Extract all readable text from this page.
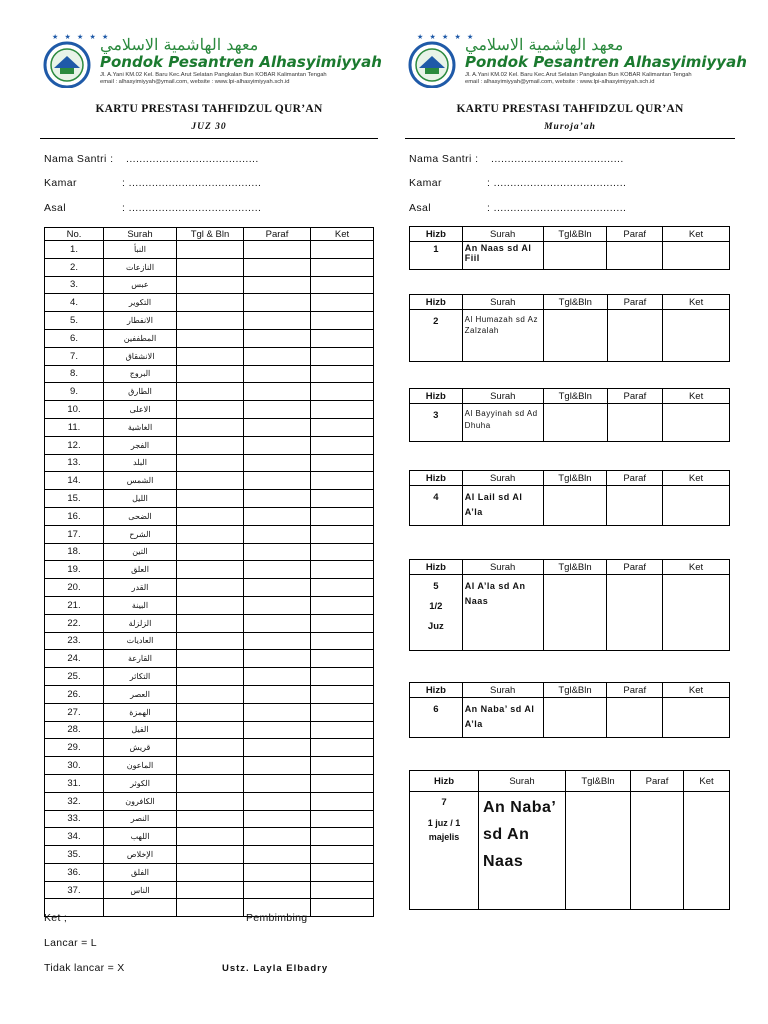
★ ★ ★ ★ ★
معهد الهاشمية الاسلامي
Pondok Pesantren Alhasyimiyyah
Jl. A.Yani KM.02 Kel. Baru Kec.Arut Selatan Pangkalan Bun KOBAR Kalimantan Tengah
email : alhasyimiyyah@ymail.com, website : www.lpi-alhasyimiyyah.sch.id
KARTU PRESTASI TAHFIDZUL QUR’AN
JUZ 30
Nama Santri : ........................................
Kamar	: ........................................
Asal	: ........................................
No.	Surah	Tgl & Bln	Paraf	Ket
1.	النبأ			
2.	النازعات			
3.	عبس			
4.	التكوير			
5.	الانفطار			
6.	المطففين			
7.	الانشقاق			
8.	البروج			
9.	الطارق			
10.	الاعلى			
11.	الغاشية			
12.	الفجر			
13.	البلد			
14.	الشمس			
15.	الليل			
16.	الضحى			
17.	الشرح			
18.	التين			
19.	العلق			
20.	القدر			
21.	البينة			
22.	الزلزلة			
23.	العاديات			
24.	القارعة			
25.	التكاثر			
26.	العصر			
27.	الهمزة			
28.	الفيل			
29.	قريش			
30.	الماعون			
31.	الكوثر			
32.	الكافرون			
33.	النصر			
34.	اللهب			
35.	الإخلاص			
36.	الفلق			
37.	الناس			

Ket ;	Pembimbing
Lancar = L
Tidak lancar = X	Ustz. Layla Elbadry
★ ★ ★ ★ ★
معهد الهاشمية الاسلامي
Pondok Pesantren Alhasyimiyyah
Jl. A.Yani KM.02 Kel. Baru Kec.Arut Selatan Pangkalan Bun KOBAR Kalimantan Tengah
email : alhasyimiyyah@ymail.com, website : www.lpi-alhasyimiyyah.sch.id
KARTU PRESTASI TAHFIDZUL QUR’AN
Muroja’ah
Nama Santri : ........................................
Kamar	: ........................................
Asal	: ........................................
Hizb	Surah	Tgl&Bln	Paraf	Ket
1	An Naas sd Al Fiil			
Hizb	Surah	Tgl&Bln	Paraf	Ket
2	Al Humazah sd Az Zalzalah			
Hizb	Surah	Tgl&Bln	Paraf	Ket
3	Al Bayyinah sd Ad Dhuha			
Hizb	Surah	Tgl&Bln	Paraf	Ket
4	Al Lail sd Al A’la			
Hizb	Surah	Tgl&Bln	Paraf	Ket

5
1/2
Juz	Al A’la sd An Naas			
Hizb	Surah	Tgl&Bln	Paraf	Ket
6	An Naba’ sd Al A’la			
Hizb	Surah	Tgl&Bln	Paraf	Ket

7
1 juz / 1 majelis	An Naba’ sd An Naas			
